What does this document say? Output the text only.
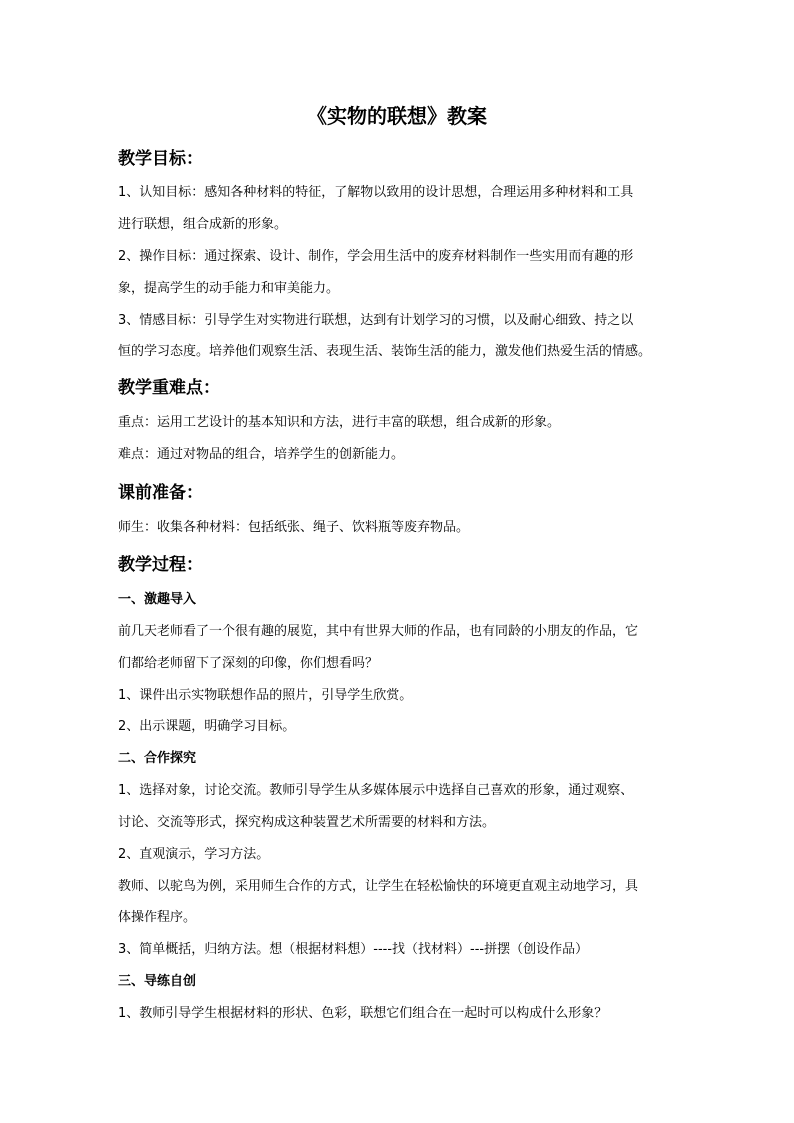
《实物的联想》教案
教学目标：
1、认知目标：感知各种材料的特征，了解物以致用的设计思想，合理运用多种材料和工具
进行联想，组合成新的形象。
2、操作目标：通过探索、设计、制作，学会用生活中的废弃材料制作一些实用而有趣的形
象，提高学生的动手能力和审美能力。
3、情感目标：引导学生对实物进行联想，达到有计划学习的习惯，以及耐心细致、持之以
恒的学习态度。培养他们观察生活、表现生活、装饰生活的能力，激发他们热爱生活的情感。
教学重难点：
重点：运用工艺设计的基本知识和方法，进行丰富的联想，组合成新的形象。
难点：通过对物品的组合，培养学生的创新能力。
课前准备：
师生：收集各种材料：包括纸张、绳子、饮料瓶等废弃物品。
教学过程：
一、激趣导入
前几天老师看了一个很有趣的展览，其中有世界大师的作品，也有同龄的小朋友的作品，它
们都给老师留下了深刻的印像，你们想看吗？
1、课件出示实物联想作品的照片，引导学生欣赏。
2、出示课题，明确学习目标。
二、合作探究
1、选择对象，讨论交流。教师引导学生从多媒体展示中选择自己喜欢的形象，通过观察、
讨论、交流等形式，探究构成这种装置艺术所需要的材料和方法。
2、直观演示，学习方法。
教师、以驼鸟为例，采用师生合作的方式，让学生在轻松愉快的环境更直观主动地学习，具
体操作程序。
3、简单概括，归纳方法。想（根据材料想）----找（找材料）---拼摆（创设作品）
三、导练自创
1、教师引导学生根据材料的形状、色彩，联想它们组合在一起时可以构成什么形象？
